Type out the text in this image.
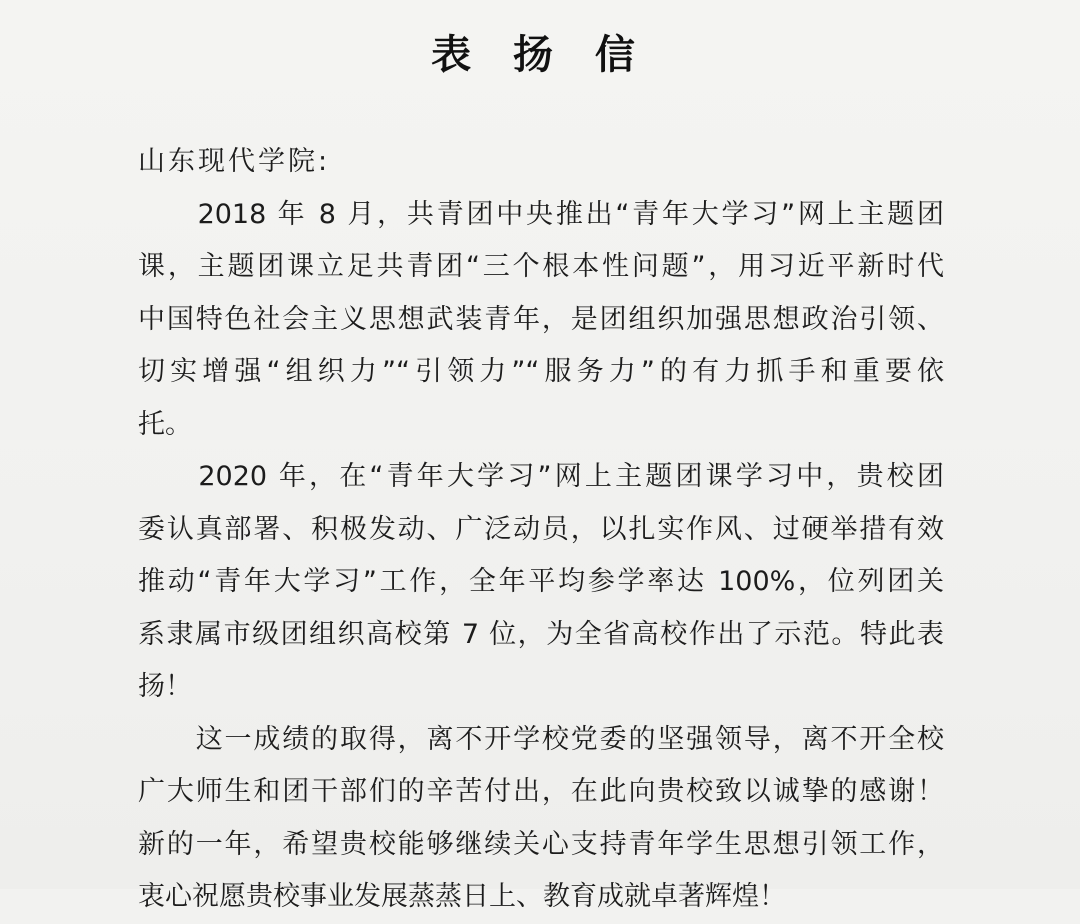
表 扬 信
山东现代学院:
　　2018 年 8 月，共青团中央推出“青年大学习”网上主题团
课，主题团课立足共青团“三个根本性问题”，用习近平新时代
中国特色社会主义思想武装青年，是团组织加强思想政治引领、
切实增强“组织力”“引领力”“服务力”的有力抓手和重要依
托。
　　2020 年，在“青年大学习”网上主题团课学习中，贵校团
委认真部署、积极发动、广泛动员，以扎实作风、过硬举措有效
推动“青年大学习”工作，全年平均参学率达 100%，位列团关
系隶属市级团组织高校第 7 位，为全省高校作出了示范。特此表
扬！
　　这一成绩的取得，离不开学校党委的坚强领导，离不开全校
广大师生和团干部们的辛苦付出，在此向贵校致以诚挚的感谢！
新的一年，希望贵校能够继续关心支持青年学生思想引领工作，
衷心祝愿贵校事业发展蒸蒸日上、教育成就卓著辉煌！
